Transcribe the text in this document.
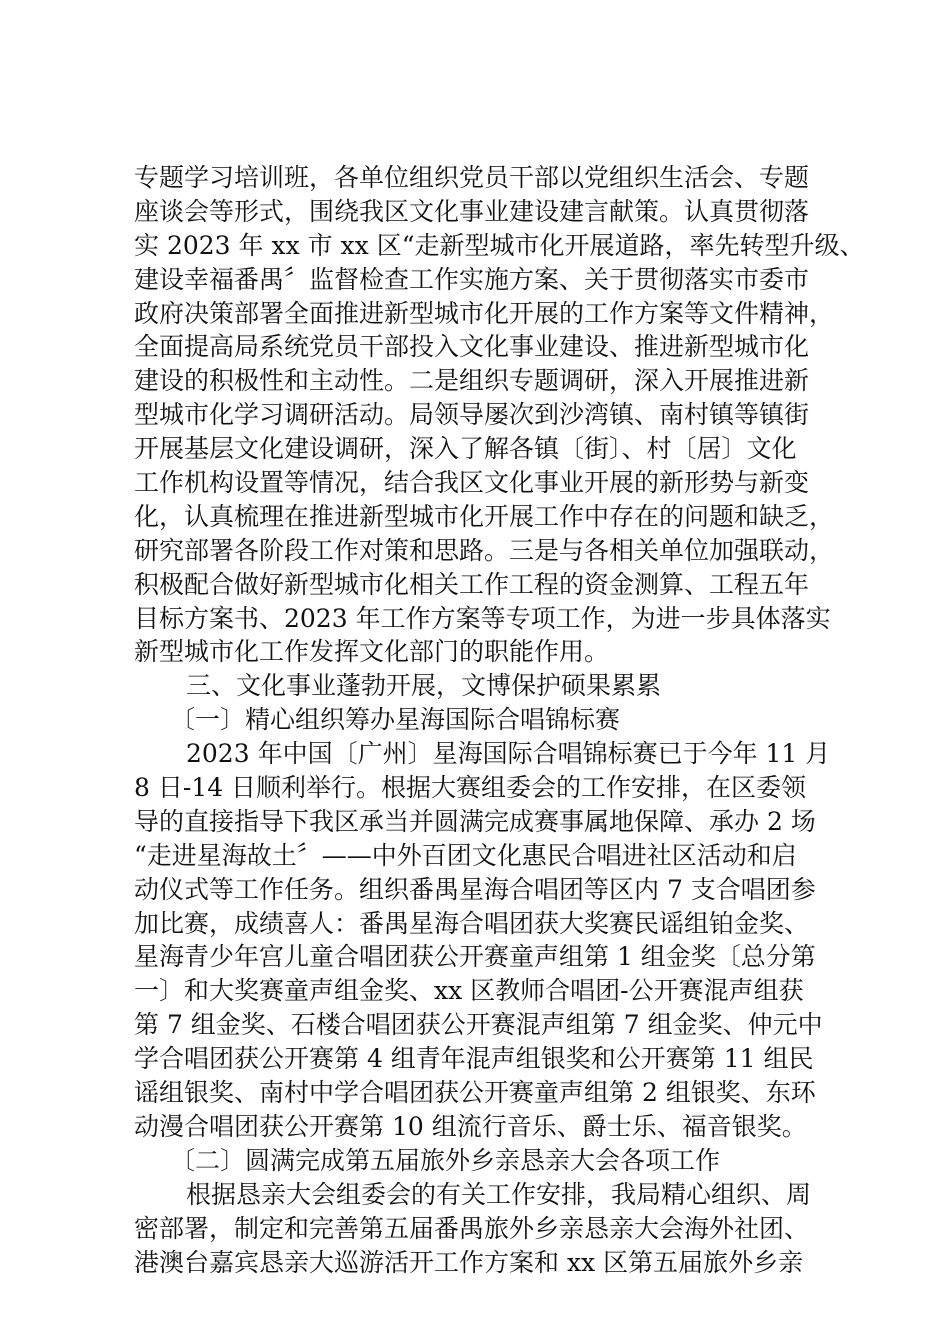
专题学习培训班，各单位组织党员干部以党组织生活会、专题
座谈会等形式，围绕我区文化事业建设建言献策。认真贯彻落
实 2023 年 xx 市 xx 区“走新型城市化开展道路，率先转型升级、
建设幸福番禺〞监督检查工作实施方案、关于贯彻落实市委市
政府决策部署全面推进新型城市化开展的工作方案等文件精神，
全面提高局系统党员干部投入文化事业建设、推进新型城市化
建设的积极性和主动性。二是组织专题调研，深入开展推进新
型城市化学习调研活动。局领导屡次到沙湾镇、南村镇等镇街
开展基层文化建设调研，深入了解各镇〔街〕、村〔居〕文化
工作机构设置等情况，结合我区文化事业开展的新形势与新变
化，认真梳理在推进新型城市化开展工作中存在的问题和缺乏，
研究部署各阶段工作对策和思路。三是与各相关单位加强联动，
积极配合做好新型城市化相关工作工程的资金测算、工程五年
目标方案书、2023 年工作方案等专项工作，为进一步具体落实
新型城市化工作发挥文化部门的职能作用。
三、文化事业蓬勃开展，文博保护硕果累累
〔一〕精心组织筹办星海国际合唱锦标赛
2023 年中国〔广州〕星海国际合唱锦标赛已于今年 11 月
8 日-14 日顺利举行。根据大赛组委会的工作安排，在区委领
导的直接指导下我区承当并圆满完成赛事属地保障、承办 2 场
“走进星海故土〞——中外百团文化惠民合唱进社区活动和启
动仪式等工作任务。组织番禺星海合唱团等区内 7 支合唱团参
加比赛，成绩喜人：番禺星海合唱团获大奖赛民谣组铂金奖、
星海青少年宫儿童合唱团获公开赛童声组第 1 组金奖〔总分第
一〕和大奖赛童声组金奖、xx 区教师合唱团-公开赛混声组获
第 7 组金奖、石楼合唱团获公开赛混声组第 7 组金奖、仲元中
学合唱团获公开赛第 4 组青年混声组银奖和公开赛第 11 组民
谣组银奖、南村中学合唱团获公开赛童声组第 2 组银奖、东环
动漫合唱团获公开赛第 10 组流行音乐、爵士乐、福音银奖。
〔二〕圆满完成第五届旅外乡亲恳亲大会各项工作
根据恳亲大会组委会的有关工作安排，我局精心组织、周
密部署，制定和完善第五届番禺旅外乡亲恳亲大会海外社团、
港澳台嘉宾恳亲大巡游活开工作方案和 xx 区第五届旅外乡亲
